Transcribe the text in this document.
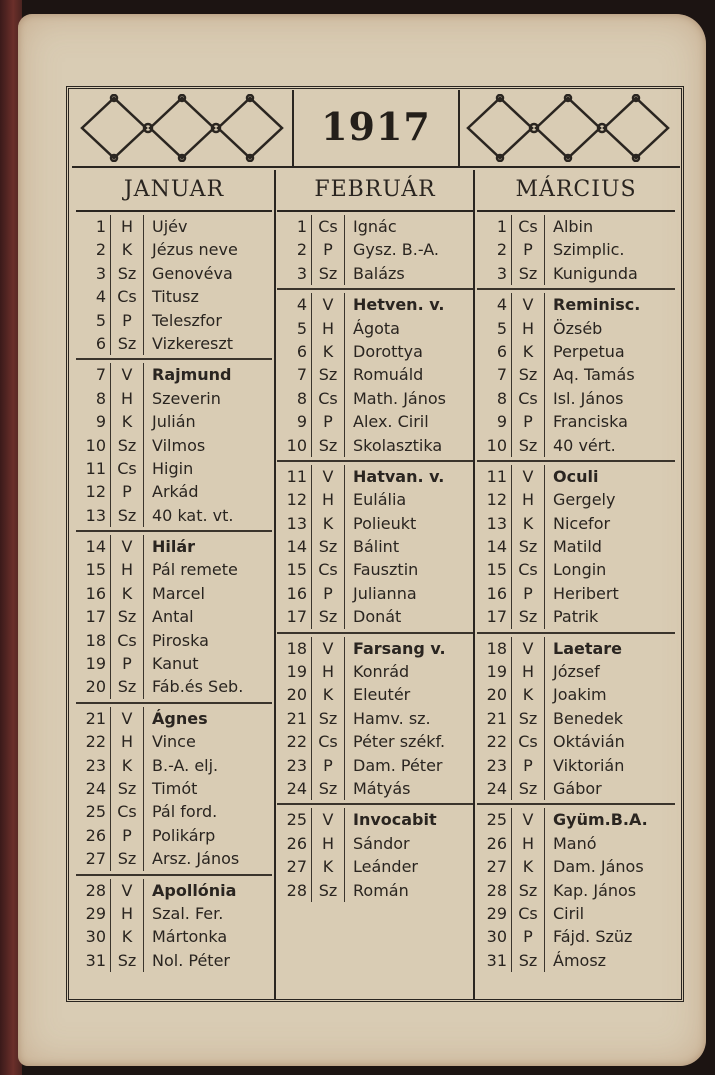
1917
JANUAR
1 H	Ujév
2 K	Jézus neve
3 Sz Genovéva
4 Cs Titusz
5	P	Teleszfor
6 Sz Vizkereszt
7 V	Rajmund
8 H	Szeverin
9 K	Julián
10 Sz Vilmos
11 Cs Higin
12	P	Arkád
13 Sz 40 kat. vt.
14 V	Hilár
15 H	Pál remete
16 K	Marcel
17 Sz Antal
18 Cs Piroska
19	P	Kanut
20 Sz Fáb.és Seb.
21 V	Ágnes
22 H	Vince
23 K	B.-A. elj.
24 Sz Timót
25 Cs Pál ford.
26	P	Polikárp
27 Sz Arsz. János
28 V	Apollónia
29 H	Szal. Fer.
30 K	Mártonka
31 Sz Nol. Péter
FEBRUÁR
1 Cs Ignác
2	P	Gysz. B.-A.
3 Sz Balázs
4 V	Hetven. v.
5 H	Ágota
6 K	Dorottya
7 Sz Romuáld
8 Cs Math. János
9	P	Alex. Ciril
10 Sz Skolasztika
11 V	Hatvan. v.
12 H	Eulália
13 K	Polieukt
14 Sz Bálint
15 Cs Fausztin
16	P	Julianna
17 Sz Donát
18 V	Farsang v.
19 H	Konrád
20 K	Eleutér
21 Sz Hamv. sz.
22 Cs Péter székf.
23	P	Dam. Péter
24 Sz Mátyás
25 V	Invocabit
26 H	Sándor
27 K	Leánder
28 Sz Román
MÁRCIUS
1 Cs Albin
2	P	Szimplic.
3 Sz Kunigunda
4 V	Reminisc.
5 H	Özséb
6 K	Perpetua
7 Sz Aq. Tamás
8 Cs Isl. János
9	P	Franciska
10 Sz 40 vért.
11 V	Oculi
12 H	Gergely
13 K	Nicefor
14 Sz Matild
15 Cs Longin
16	P	Heribert
17 Sz Patrik
18 V	Laetare
19 H	József
20 K	Joakim
21 Sz Benedek
22 Cs Oktávián
23	P	Viktorián
24 Sz Gábor
25 V	Gyüm.B.A.
26 H	Manó
27 K	Dam. János
28 Sz Kap. János
29 Cs Ciril
30	P	Fájd. Szüz
31 Sz Ámosz
